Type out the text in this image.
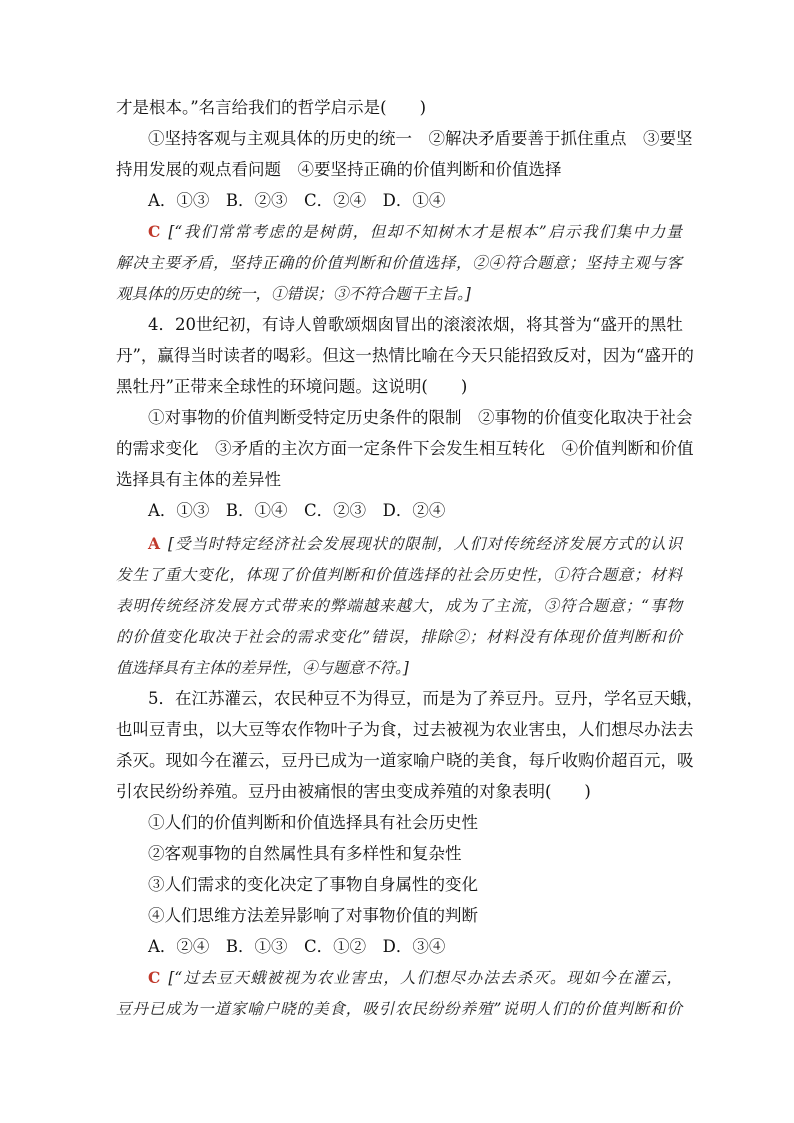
才是根本。”名言给我们的哲学启示是(　　)
①坚持客观与主观具体的历史的统一　②解决矛盾要善于抓住重点　③要坚
持用发展的观点看问题　④要坚持正确的价值判断和价值选择
A．①③　B．②③　C．②④　D．①④
C [“我们常常考虑的是树荫，但却不知树木才是根本”启示我们集中力量
解决主要矛盾，坚持正确的价值判断和价值选择，②④符合题意；坚持主观与客
观具体的历史的统一，①错误；③不符合题干主旨。]
4．20世纪初，有诗人曾歌颂烟囱冒出的滚滚浓烟，将其誉为“盛开的黑牡
丹”，赢得当时读者的喝彩。但这一热情比喻在今天只能招致反对，因为“盛开的
黑牡丹”正带来全球性的环境问题。这说明(　　)
①对事物的价值判断受特定历史条件的限制　②事物的价值变化取决于社会
的需求变化　③矛盾的主次方面一定条件下会发生相互转化　④价值判断和价值
选择具有主体的差异性
A．①③　B．①④　C．②③　D．②④
A [受当时特定经济社会发展现状的限制，人们对传统经济发展方式的认识
发生了重大变化，体现了价值判断和价值选择的社会历史性，①符合题意；材料
表明传统经济发展方式带来的弊端越来越大，成为了主流，③符合题意；“事物
的价值变化取决于社会的需求变化”错误，排除②；材料没有体现价值判断和价
值选择具有主体的差异性，④与题意不符。]
5．在江苏灌云，农民种豆不为得豆，而是为了养豆丹。豆丹，学名豆天蛾，
也叫豆青虫，以大豆等农作物叶子为食，过去被视为农业害虫，人们想尽办法去
杀灭。现如今在灌云，豆丹已成为一道家喻户晓的美食，每斤收购价超百元，吸
引农民纷纷养殖。豆丹由被痛恨的害虫变成养殖的对象表明(　　)
①人们的价值判断和价值选择具有社会历史性
②客观事物的自然属性具有多样性和复杂性
③人们需求的变化决定了事物自身属性的变化
④人们思维方法差异影响了对事物价值的判断
A．②④　B．①③　C．①②　D．③④
C [“过去豆天蛾被视为农业害虫，人们想尽办法去杀灭。现如今在灌云，
豆丹已成为一道家喻户晓的美食，吸引农民纷纷养殖”说明人们的价值判断和价
